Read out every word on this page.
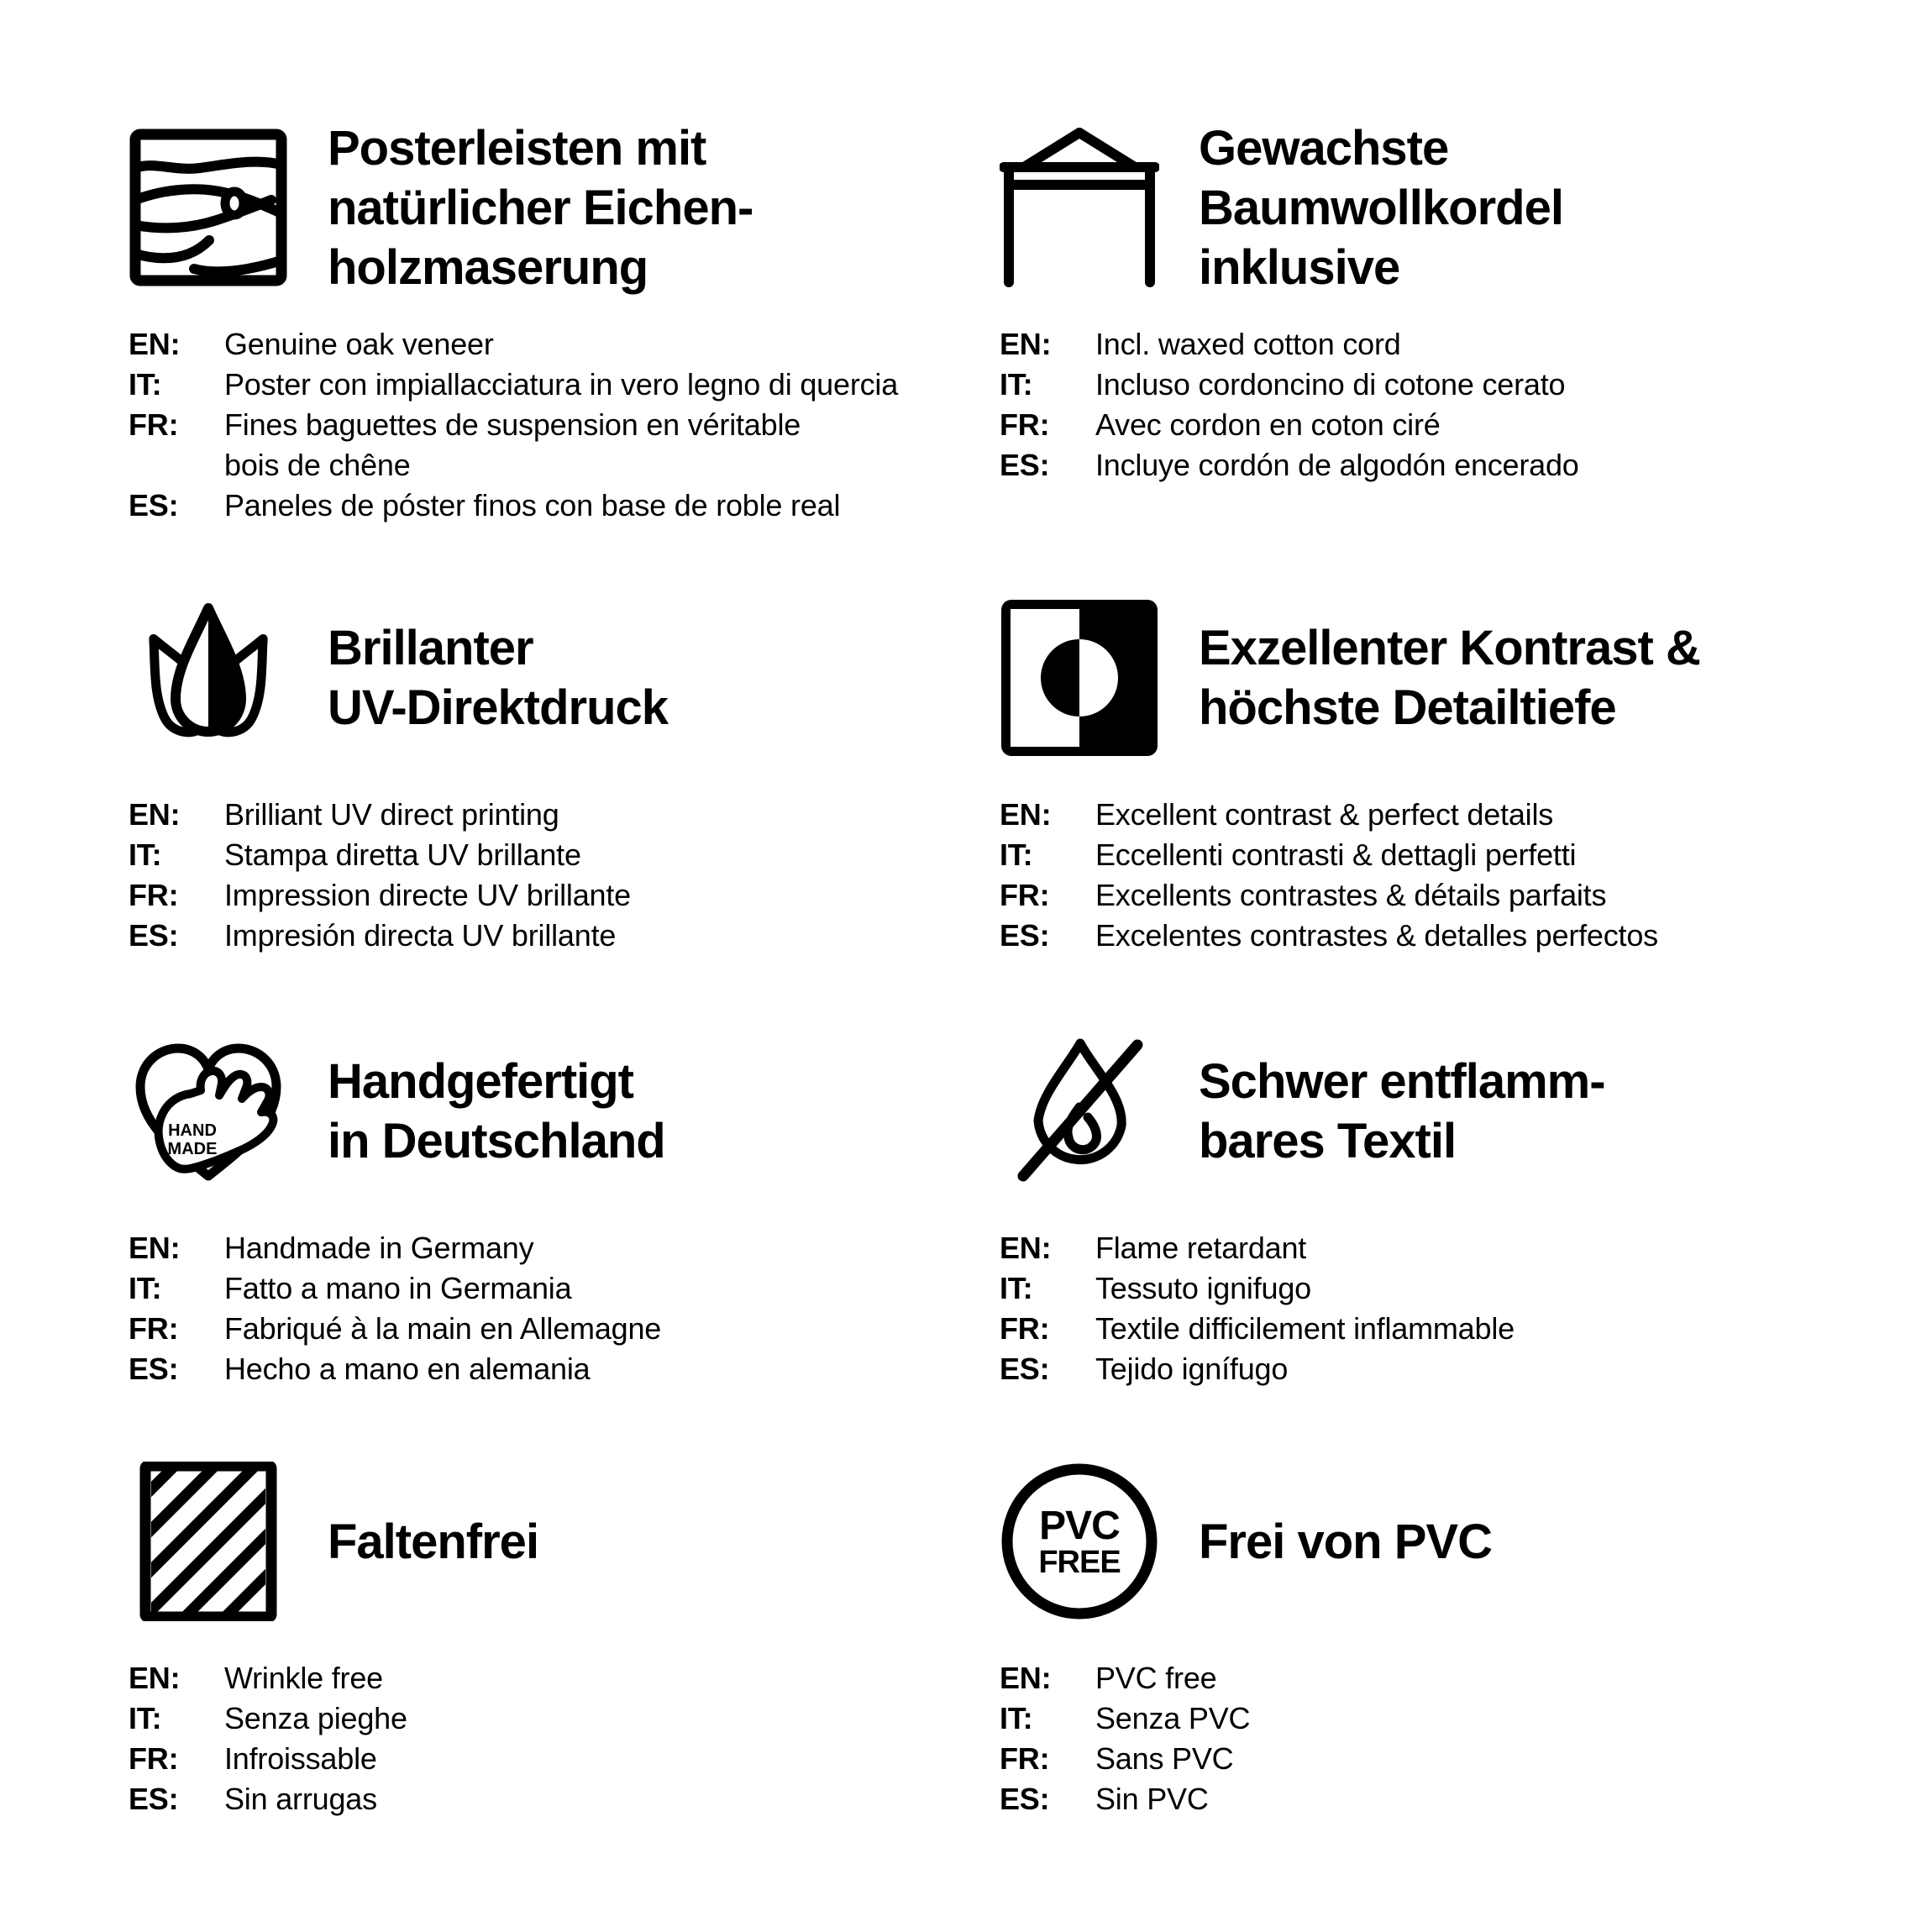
Posterleisten mit
natürlicher Eichen-
holzmaserung
EN:	Genuine oak veneer
IT:	Poster con impiallacciatura in vero legno di quercia
FR:	Fines baguettes de suspension en véritable
bois de chêne
ES:	Paneles de póster finos con base de roble real
Gewachste
Baumwollkordel
inklusive
EN:	Incl. waxed cotton cord
IT:	Incluso cordoncino di cotone cerato
FR:	Avec cordon en coton ciré
ES:	Incluye cordón de algodón encerado
Brillanter
UV-Direktdruck
EN:	Brilliant UV direct printing
IT:	Stampa diretta UV brillante
FR:	Impression directe UV brillante
ES:	Impresión directa UV brillante
Exzellenter Kontrast &
höchste Detailtiefe
EN:	Excellent contrast & perfect details
IT:	Eccellenti contrasti & dettagli perfetti
FR:	Excellents contrastes & détails parfaits
ES:	Excelentes contrastes & detalles perfectos
HAND
MADE
Handgefertigt
in Deutschland
EN:	Handmade in Germany
IT:	Fatto a mano in Germania
FR:	Fabriqué à la main en Allemagne
ES:	Hecho a mano en alemania
Schwer entflamm-
bares Textil
EN:	Flame retardant
IT:	Tessuto ignifugo
FR:	Textile difficilement inflammable
ES:	Tejido ignífugo
Faltenfrei
EN:	Wrinkle free
IT:	Senza pieghe
FR:	Infroissable
ES:	Sin arrugas
PVC
FREE Frei von PVC
EN:	PVC free
IT:	Senza PVC
FR:	Sans PVC
ES:	Sin PVC
